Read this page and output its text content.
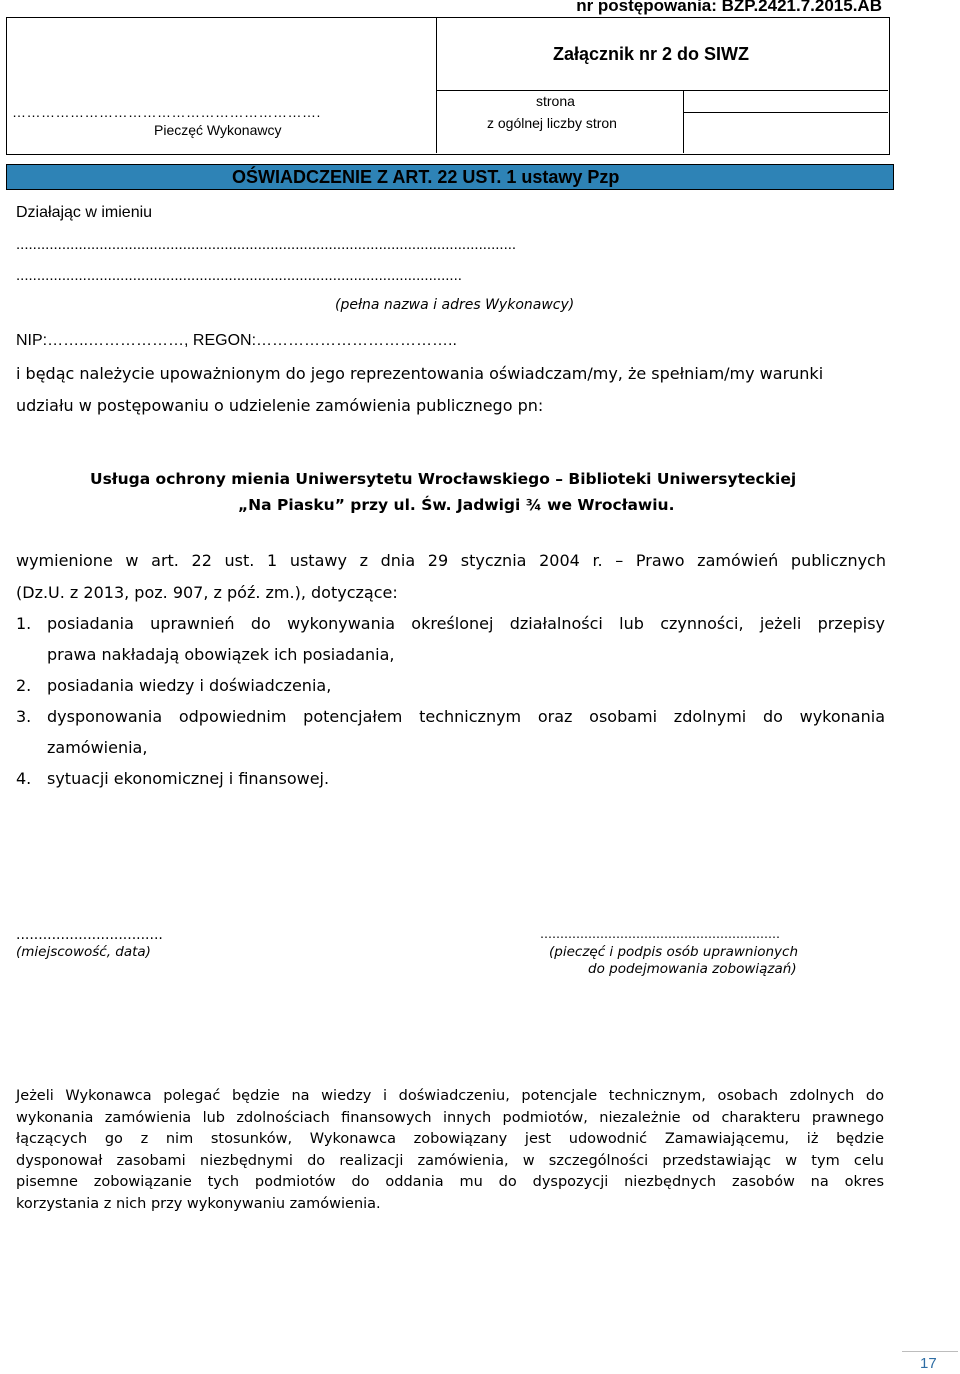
nr postępowania: BZP.2421.7.2015.AB
Załącznik nr 2 do SIWZ
……………………………………………………….
Pieczęć Wykonawcy
strona
z ogólnej liczby stron
OŚWIADCZENIE Z ART. 22 UST. 1 ustawy Pzp
Działając w imieniu
........................................................................................................................
...........................................................................................................
(pełna nazwa i adres Wykonawcy)
NIP:……..………………, REGON:………………………………..
i będąc należycie upoważnionym do jego reprezentowania oświadczam/my, że spełniam/my warunki
udziału w postępowaniu o udzielenie zamówienia publicznego pn:
Usługa ochrony mienia Uniwersytetu Wrocławskiego – Biblioteki Uniwersyteckiej
„Na Piasku” przy ul. Św. Jadwigi ¾ we Wrocławiu.
wymienione w art. 22 ust. 1 ustawy z dnia 29 stycznia 2004 r. – Prawo zamówień publicznych
(Dz.U. z 2013, poz. 907, z póź. zm.), dotyczące:
1. posiadania uprawnień do wykonywania określonej działalności lub czynności, jeżeli przepisy
prawa nakładają obowiązek ich posiadania,
2. posiadania wiedzy i doświadczenia,
3. dysponowania odpowiednim potencjałem technicznym oraz osobami zdolnymi do wykonania
zamówienia,
4. sytuacji ekonomicznej i finansowej.
.................................
(miejscowość, data)
……………………………………………………
(pieczęć i podpis osób uprawnionych
do podejmowania zobowiązań)
Jeżeli Wykonawca polegać będzie na wiedzy i doświadczeniu, potencjale technicznym, osobach zdolnych do
wykonania zamówienia lub zdolnościach finansowych innych podmiotów, niezależnie od charakteru prawnego
łączących go z nim stosunków, Wykonawca zobowiązany jest udowodnić Zamawiającemu, iż będzie
dysponował zasobami niezbędnymi do realizacji zamówienia, w szczególności przedstawiając w tym celu
pisemne zobowiązanie tych podmiotów do oddania mu do dyspozycji niezbędnych zasobów na okres
korzystania z nich przy wykonywaniu zamówienia.
17
